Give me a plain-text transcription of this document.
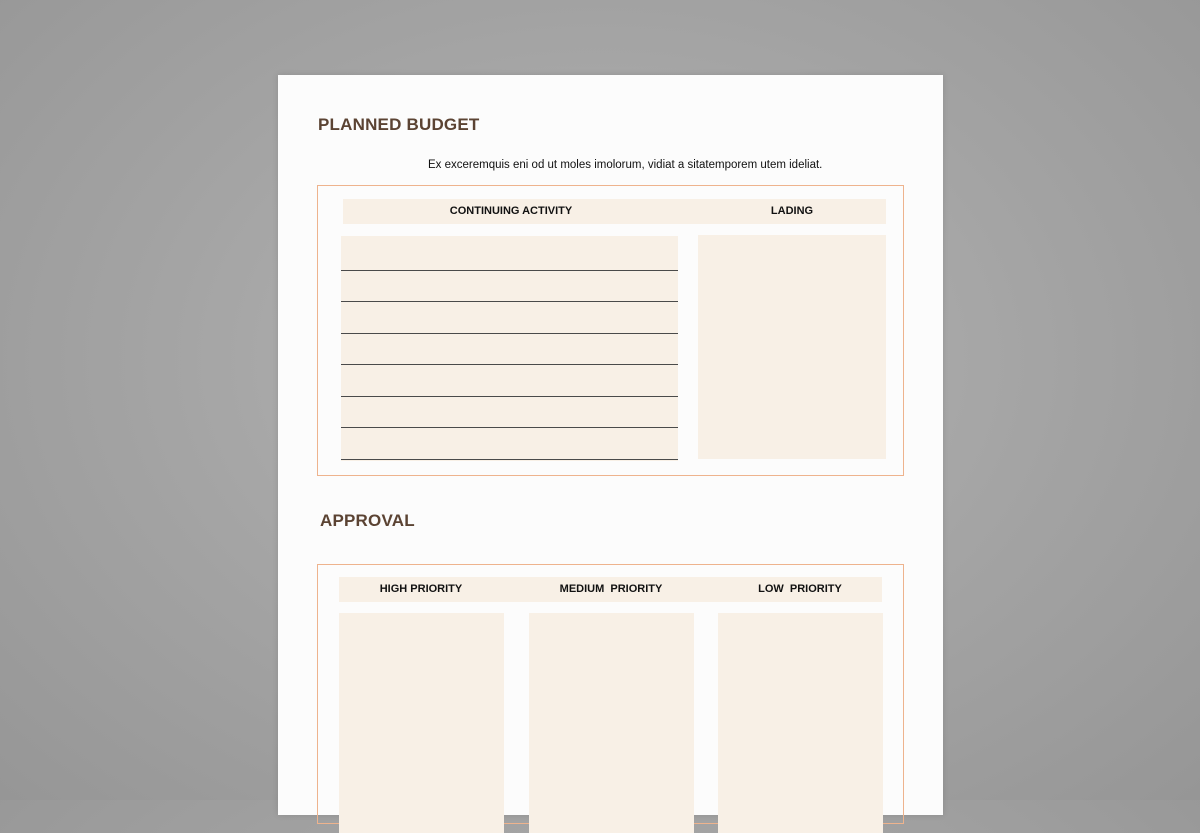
PLANNED BUDGET
Ex exceremquis eni od ut moles imolorum, vidiat a sitatemporem utem ideliat.
CONTINUING ACTIVITY	LADING
APPROVAL
HIGH PRIORITY	MEDIUM  PRIORITY	LOW  PRIORITY
